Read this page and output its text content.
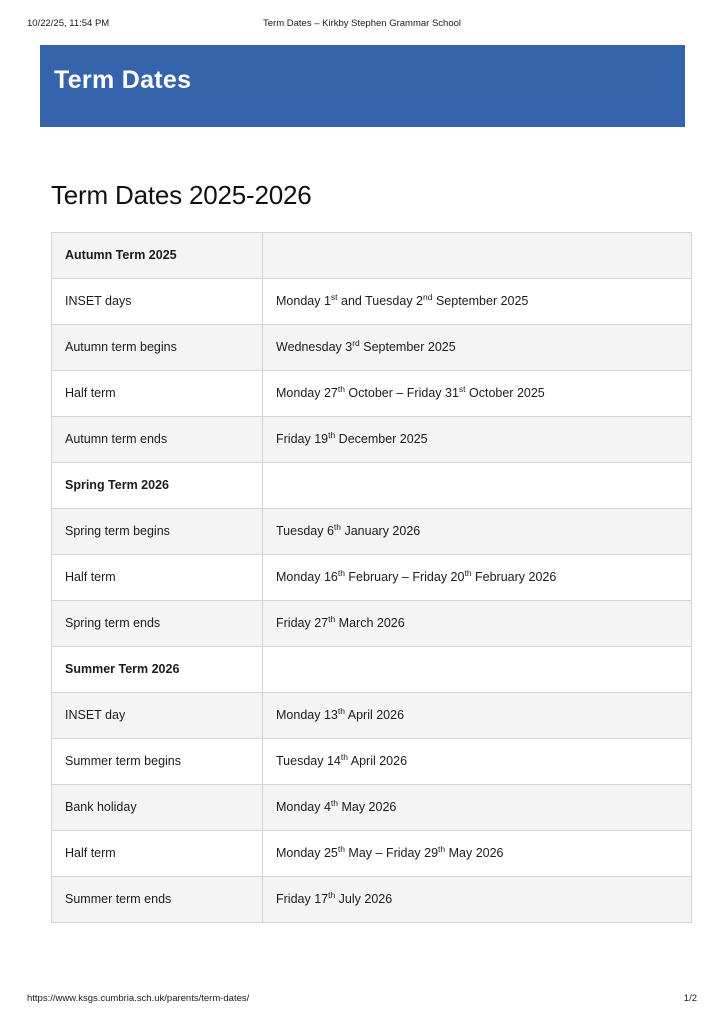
10/22/25, 11:54 PM	Term Dates – Kirkby Stephen Grammar School
Term Dates
Term Dates 2025-2026
Autumn Term 2025	
INSET days	Monday 1st and Tuesday 2nd September 2025
Autumn term begins	Wednesday 3rd September 2025
Half term	Monday 27th October – Friday 31st October 2025
Autumn term ends	Friday 19th December 2025
Spring Term 2026	
Spring term begins	Tuesday 6th January 2026
Half term	Monday 16th February – Friday 20th February 2026
Spring term ends	Friday 27th March 2026
Summer Term 2026	
INSET day	Monday 13th April 2026
Summer term begins	Tuesday 14th April 2026
Bank holiday	Monday 4th May 2026
Half term	Monday 25th May – Friday 29th May 2026
Summer term ends	Friday 17th July 2026
https://www.ksgs.cumbria.sch.uk/parents/term-dates/	1/2
